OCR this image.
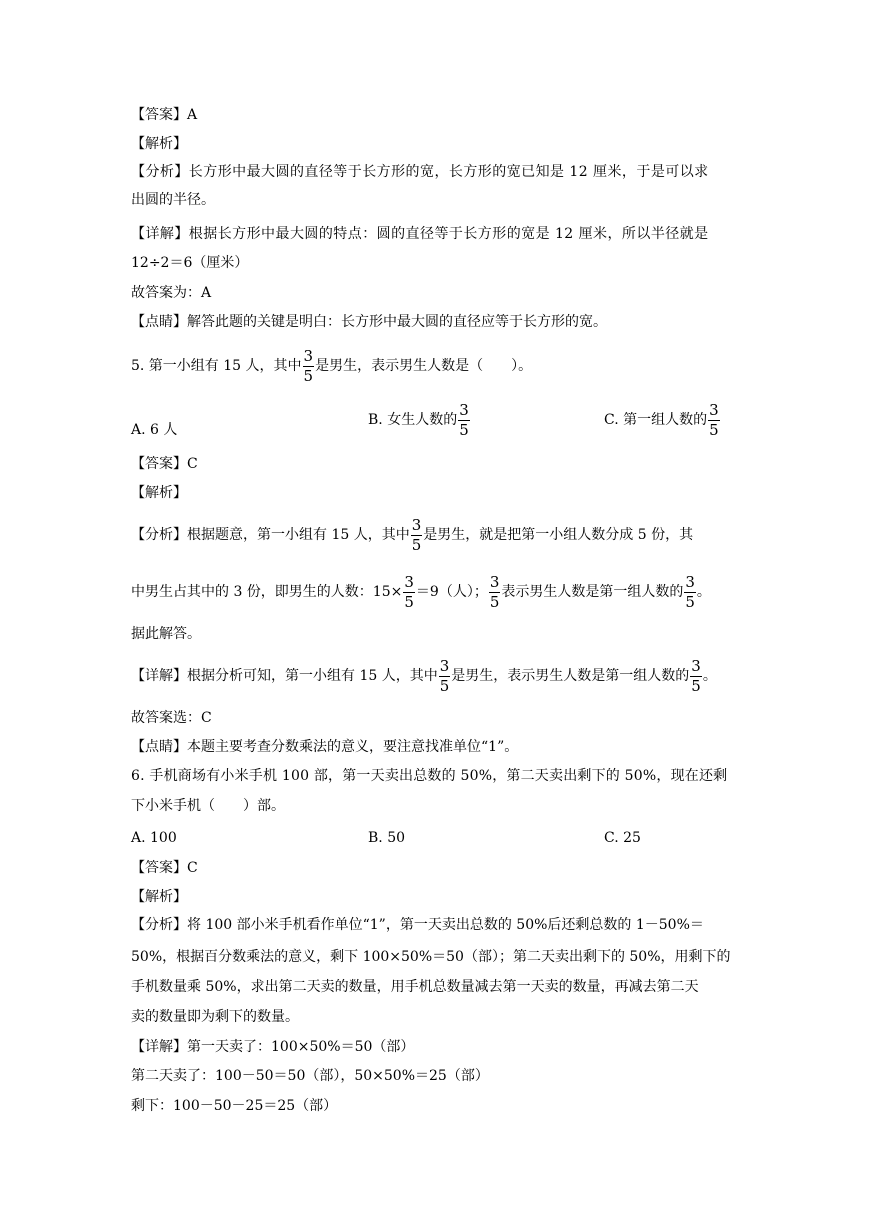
【答案】A
【解析】
【分析】长方形中最大圆的直径等于长方形的宽，长方形的宽已知是 12 厘米，于是可以求
出圆的半径。
【详解】根据长方形中最大圆的特点：圆的直径等于长方形的宽是 12 厘米，所以半径就是
12÷2＝6（厘米）
故答案为：A
【点睛】解答此题的关键是明白：长方形中最大圆的直径应等于长方形的宽。
5. 第一小组有 15 人，其中 $\frac{3}{5}$ 是男生，表示男生人数是（　　）。
A. 6 人
B. 女生人数的 $\frac{3}{5}$	C. 第一组人数的 $\frac{3}{5}$
【答案】C
【解析】
【分析】根据题意，第一小组有 15 人，其中 $\frac{3}{5}$ 是男生，就是把第一小组人数分成 5 份，其
中男生占其中的 3 份，即男生的人数：$15\times \frac{3}{5} =9$（人）； $\frac{3}{5}$ 表示男生人数是第一组人数的 $\frac{3}{5}$ 。
据此解答。
【详解】根据分析可知，第一小组有 15 人，其中 $\frac{3}{5}$ 是男生，表示男生人数是第一组人数的 $\frac{3}{5}$ 。
故答案选：C
【点睛】本题主要考查分数乘法的意义，要注意找准单位“1”。
6. 手机商场有小米手机 100 部，第一天卖出总数的 50%，第二天卖出剩下的 50%，现在还剩
下小米手机（　　）部。
A. 100	B. 50	C. 25
【答案】C
【解析】
【分析】将 100 部小米手机看作单位“1”，第一天卖出总数的 50%后还剩总数的 1－50%＝
50%，根据百分数乘法的意义，剩下 100×50%＝50（部）；第二天卖出剩下的 50%，用剩下的
手机数量乘 50%，求出第二天卖的数量，用手机总数量减去第一天卖的数量，再减去第二天
卖的数量即为剩下的数量。
【详解】第一天卖了：100×50%＝50（部）
第二天卖了：100－50＝50（部），50×50%＝25（部）
剩下：100－50－25＝25（部）
